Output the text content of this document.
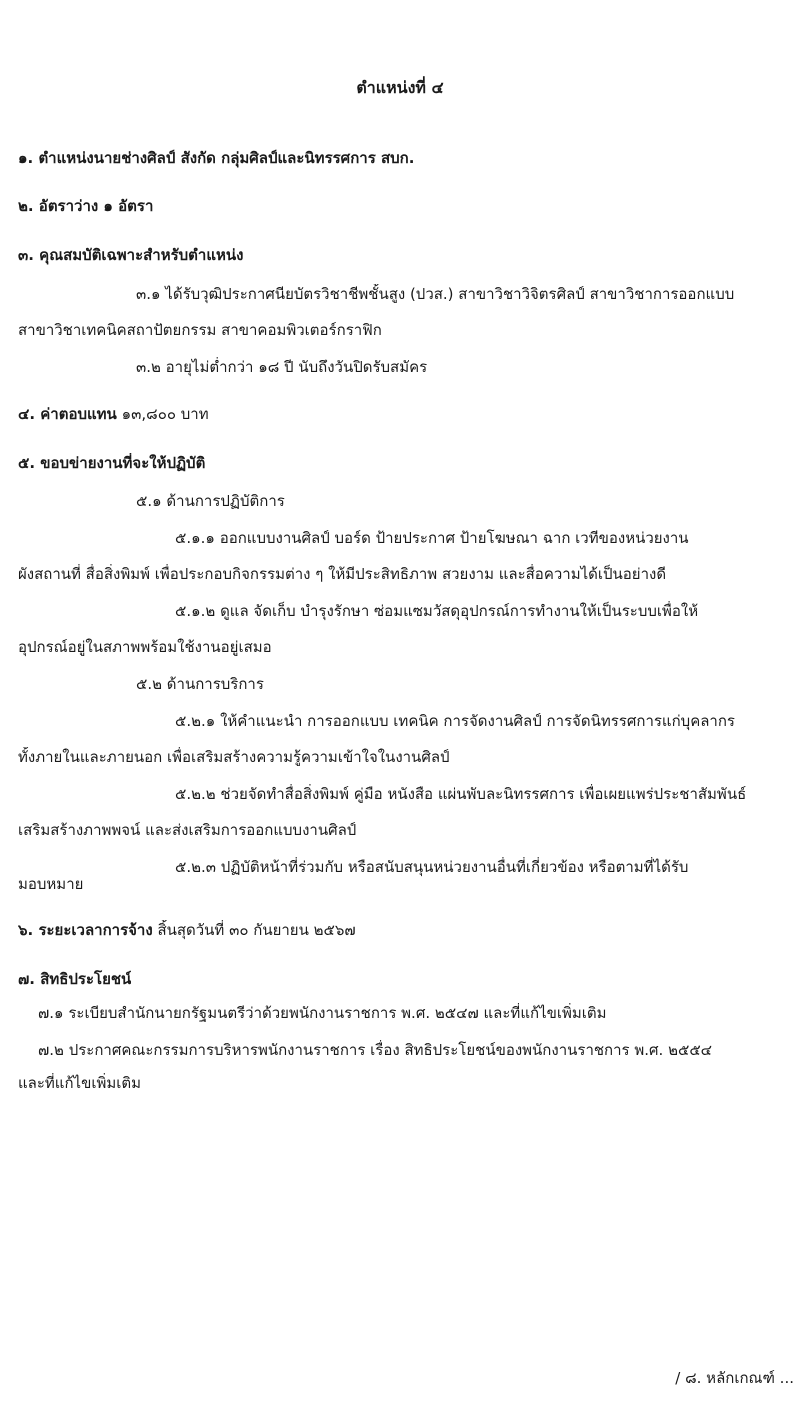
ตำแหน่งที่ ๔
๑. ตำแหน่งนายช่างศิลป์ สังกัด กลุ่มศิลป์และนิทรรศการ สบก.
๒. อัตราว่าง ๑ อัตรา
๓. คุณสมบัติเฉพาะสำหรับตำแหน่ง
๓.๑ ได้รับวุฒิประกาศนียบัตรวิชาชีพชั้นสูง (ปวส.) สาขาวิชาวิจิตรศิลป์ สาขาวิชาการออกแบบ
สาขาวิชาเทคนิคสถาปัตยกรรม สาขาคอมพิวเตอร์กราฟิก
๓.๒ อายุไม่ต่ำกว่า ๑๘ ปี นับถึงวันปิดรับสมัคร
๔. ค่าตอบแทน ๑๓,๘๐๐ บาท
๕. ขอบข่ายงานที่จะให้ปฏิบัติ
๕.๑ ด้านการปฏิบัติการ
๕.๑.๑ ออกแบบงานศิลป์ บอร์ด ป้ายประกาศ ป้ายโฆษณา ฉาก เวทีของหน่วยงาน
ผังสถานที่ สื่อสิ่งพิมพ์ เพื่อประกอบกิจกรรมต่าง ๆ ให้มีประสิทธิภาพ สวยงาม และสื่อความได้เป็นอย่างดี
๕.๑.๒ ดูแล จัดเก็บ บำรุงรักษา ซ่อมแซมวัสดุอุปกรณ์การทำงานให้เป็นระบบเพื่อให้
อุปกรณ์อยู่ในสภาพพร้อมใช้งานอยู่เสมอ
๕.๒ ด้านการบริการ
๕.๒.๑ ให้คำแนะนำ การออกแบบ เทคนิค การจัดงานศิลป์ การจัดนิทรรศการแก่บุคลากร
ทั้งภายในและภายนอก เพื่อเสริมสร้างความรู้ความเข้าใจในงานศิลป์
๕.๒.๒ ช่วยจัดทำสื่อสิ่งพิมพ์ คู่มือ หนังสือ แผ่นพับละนิทรรศการ เพื่อเผยแพร่ประชาสัมพันธ์
เสริมสร้างภาพพจน์ และส่งเสริมการออกแบบงานศิลป์
๕.๒.๓ ปฏิบัติหน้าที่ร่วมกับ หรือสนับสนุนหน่วยงานอื่นที่เกี่ยวข้อง หรือตามที่ได้รับ
มอบหมาย
๖. ระยะเวลาการจ้าง สิ้นสุดวันที่ ๓๐ กันยายน ๒๕๖๗
๗. สิทธิประโยชน์
๗.๑ ระเบียบสำนักนายกรัฐมนตรีว่าด้วยพนักงานราชการ พ.ศ. ๒๕๔๗ และที่แก้ไขเพิ่มเติม
๗.๒ ประกาศคณะกรรมการบริหารพนักงานราชการ เรื่อง สิทธิประโยชน์ของพนักงานราชการ พ.ศ. ๒๕๕๔
และที่แก้ไขเพิ่มเติม
/ ๘. หลักเกณฑ์ ...
